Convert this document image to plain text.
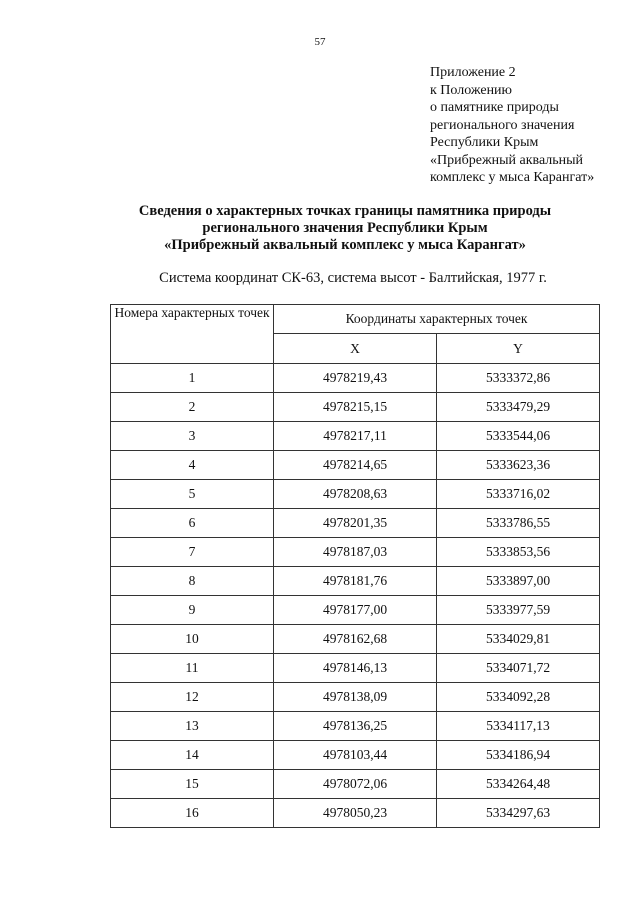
57
Приложение 2
к Положению
о памятнике природы
регионального значения
Республики Крым
«Прибрежный аквальный
комплекс у мыса Карангат»
Сведения о характерных точках границы памятника природы
регионального значения Республики Крым
«Прибрежный аквальный комплекс у мыса Карангат»
Система координат СК-63, система высот - Балтийская, 1977 г.
Номера характерных точек	Координаты характерных точек	
	X	Y
1	4978219,43	5333372,86
2	4978215,15	5333479,29
3	4978217,11	5333544,06
4	4978214,65	5333623,36
5	4978208,63	5333716,02
6	4978201,35	5333786,55
7	4978187,03	5333853,56
8	4978181,76	5333897,00
9	4978177,00	5333977,59
10	4978162,68	5334029,81
11	4978146,13	5334071,72
12	4978138,09	5334092,28
13	4978136,25	5334117,13
14	4978103,44	5334186,94
15	4978072,06	5334264,48
16	4978050,23	5334297,63
